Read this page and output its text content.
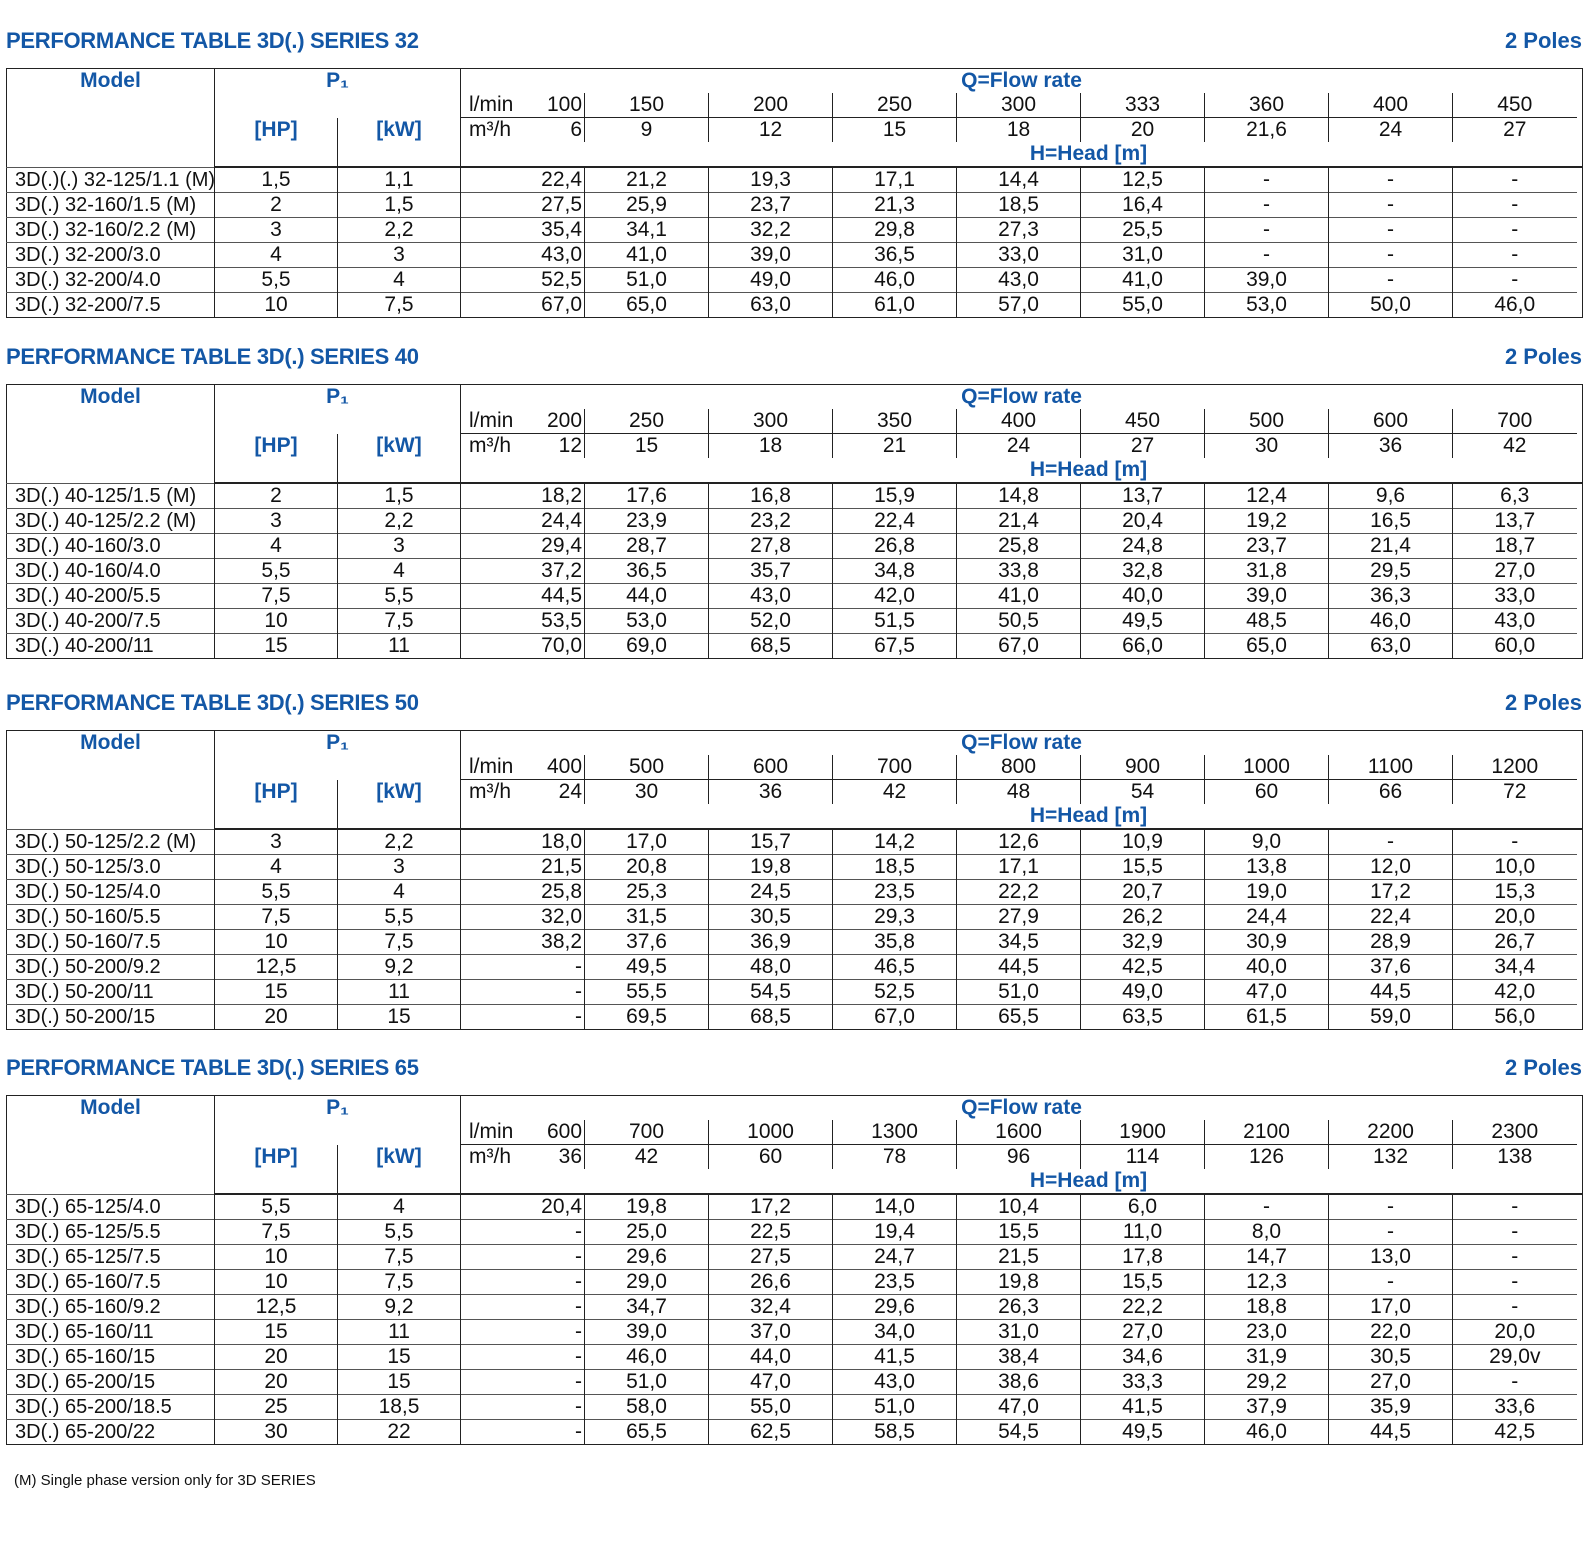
PERFORMANCE TABLE 3D(.) SERIES 32	2 Poles
Model	P₁		Q=Flow rate									
			l/min	100	150	200	250	300	333	360	400	450
	[HP]	[kW]	m³/h	6	9	12	15	18	20	21,6	24	27
			H=Head [m]									
3D(.)(.) 32-125/1.1 (M)	1,5	1,1		22,4	21,2	19,3	17,1	14,4	12,5	-	-	-
3D(.) 32-160/1.5 (M)	2	1,5		27,5	25,9	23,7	21,3	18,5	16,4	-	-	-
3D(.) 32-160/2.2 (M)	3	2,2		35,4	34,1	32,2	29,8	27,3	25,5	-	-	-
3D(.) 32-200/3.0	4	3		43,0	41,0	39,0	36,5	33,0	31,0	-	-	-
3D(.) 32-200/4.0	5,5	4		52,5	51,0	49,0	46,0	43,0	41,0	39,0	-	-
3D(.) 32-200/7.5	10	7,5		67,0	65,0	63,0	61,0	57,0	55,0	53,0	50,0	46,0
PERFORMANCE TABLE 3D(.) SERIES 40	2 Poles
Model	P₁		Q=Flow rate									
			l/min	200	250	300	350	400	450	500	600	700
	[HP]	[kW]	m³/h	12	15	18	21	24	27	30	36	42
			H=Head [m]									
3D(.) 40-125/1.5 (M)	2	1,5		18,2	17,6	16,8	15,9	14,8	13,7	12,4	9,6	6,3
3D(.) 40-125/2.2 (M)	3	2,2		24,4	23,9	23,2	22,4	21,4	20,4	19,2	16,5	13,7
3D(.) 40-160/3.0	4	3		29,4	28,7	27,8	26,8	25,8	24,8	23,7	21,4	18,7
3D(.) 40-160/4.0	5,5	4		37,2	36,5	35,7	34,8	33,8	32,8	31,8	29,5	27,0
3D(.) 40-200/5.5	7,5	5,5		44,5	44,0	43,0	42,0	41,0	40,0	39,0	36,3	33,0
3D(.) 40-200/7.5	10	7,5		53,5	53,0	52,0	51,5	50,5	49,5	48,5	46,0	43,0
3D(.) 40-200/11	15	11		70,0	69,0	68,5	67,5	67,0	66,0	65,0	63,0	60,0
PERFORMANCE TABLE 3D(.) SERIES 50	2 Poles
Model	P₁		Q=Flow rate									
			l/min	400	500	600	700	800	900	1000	1100	1200
	[HP]	[kW]	m³/h	24	30	36	42	48	54	60	66	72
			H=Head [m]									
3D(.) 50-125/2.2 (M)	3	2,2		18,0	17,0	15,7	14,2	12,6	10,9	9,0	-	-
3D(.) 50-125/3.0	4	3		21,5	20,8	19,8	18,5	17,1	15,5	13,8	12,0	10,0
3D(.) 50-125/4.0	5,5	4		25,8	25,3	24,5	23,5	22,2	20,7	19,0	17,2	15,3
3D(.) 50-160/5.5	7,5	5,5		32,0	31,5	30,5	29,3	27,9	26,2	24,4	22,4	20,0
3D(.) 50-160/7.5	10	7,5		38,2	37,6	36,9	35,8	34,5	32,9	30,9	28,9	26,7
3D(.) 50-200/9.2	12,5	9,2		-	49,5	48,0	46,5	44,5	42,5	40,0	37,6	34,4
3D(.) 50-200/11	15	11		-	55,5	54,5	52,5	51,0	49,0	47,0	44,5	42,0
3D(.) 50-200/15	20	15		-	69,5	68,5	67,0	65,5	63,5	61,5	59,0	56,0
PERFORMANCE TABLE 3D(.) SERIES 65	2 Poles
Model	P₁		Q=Flow rate									
			l/min	600	700	1000	1300	1600	1900	2100	2200	2300
	[HP]	[kW]	m³/h	36	42	60	78	96	114	126	132	138
			H=Head [m]									
3D(.) 65-125/4.0	5,5	4		20,4	19,8	17,2	14,0	10,4	6,0	-	-	-
3D(.) 65-125/5.5	7,5	5,5		-	25,0	22,5	19,4	15,5	11,0	8,0	-	-
3D(.) 65-125/7.5	10	7,5		-	29,6	27,5	24,7	21,5	17,8	14,7	13,0	-
3D(.) 65-160/7.5	10	7,5		-	29,0	26,6	23,5	19,8	15,5	12,3	-	-
3D(.) 65-160/9.2	12,5	9,2		-	34,7	32,4	29,6	26,3	22,2	18,8	17,0	-
3D(.) 65-160/11	15	11		-	39,0	37,0	34,0	31,0	27,0	23,0	22,0	20,0
3D(.) 65-160/15	20	15		-	46,0	44,0	41,5	38,4	34,6	31,9	30,5	29,0v
3D(.) 65-200/15	20	15		-	51,0	47,0	43,0	38,6	33,3	29,2	27,0	-
3D(.) 65-200/18.5	25	18,5		-	58,0	55,0	51,0	47,0	41,5	37,9	35,9	33,6
3D(.) 65-200/22	30	22		-	65,5	62,5	58,5	54,5	49,5	46,0	44,5	42,5
(M) Single phase version only for 3D SERIES
